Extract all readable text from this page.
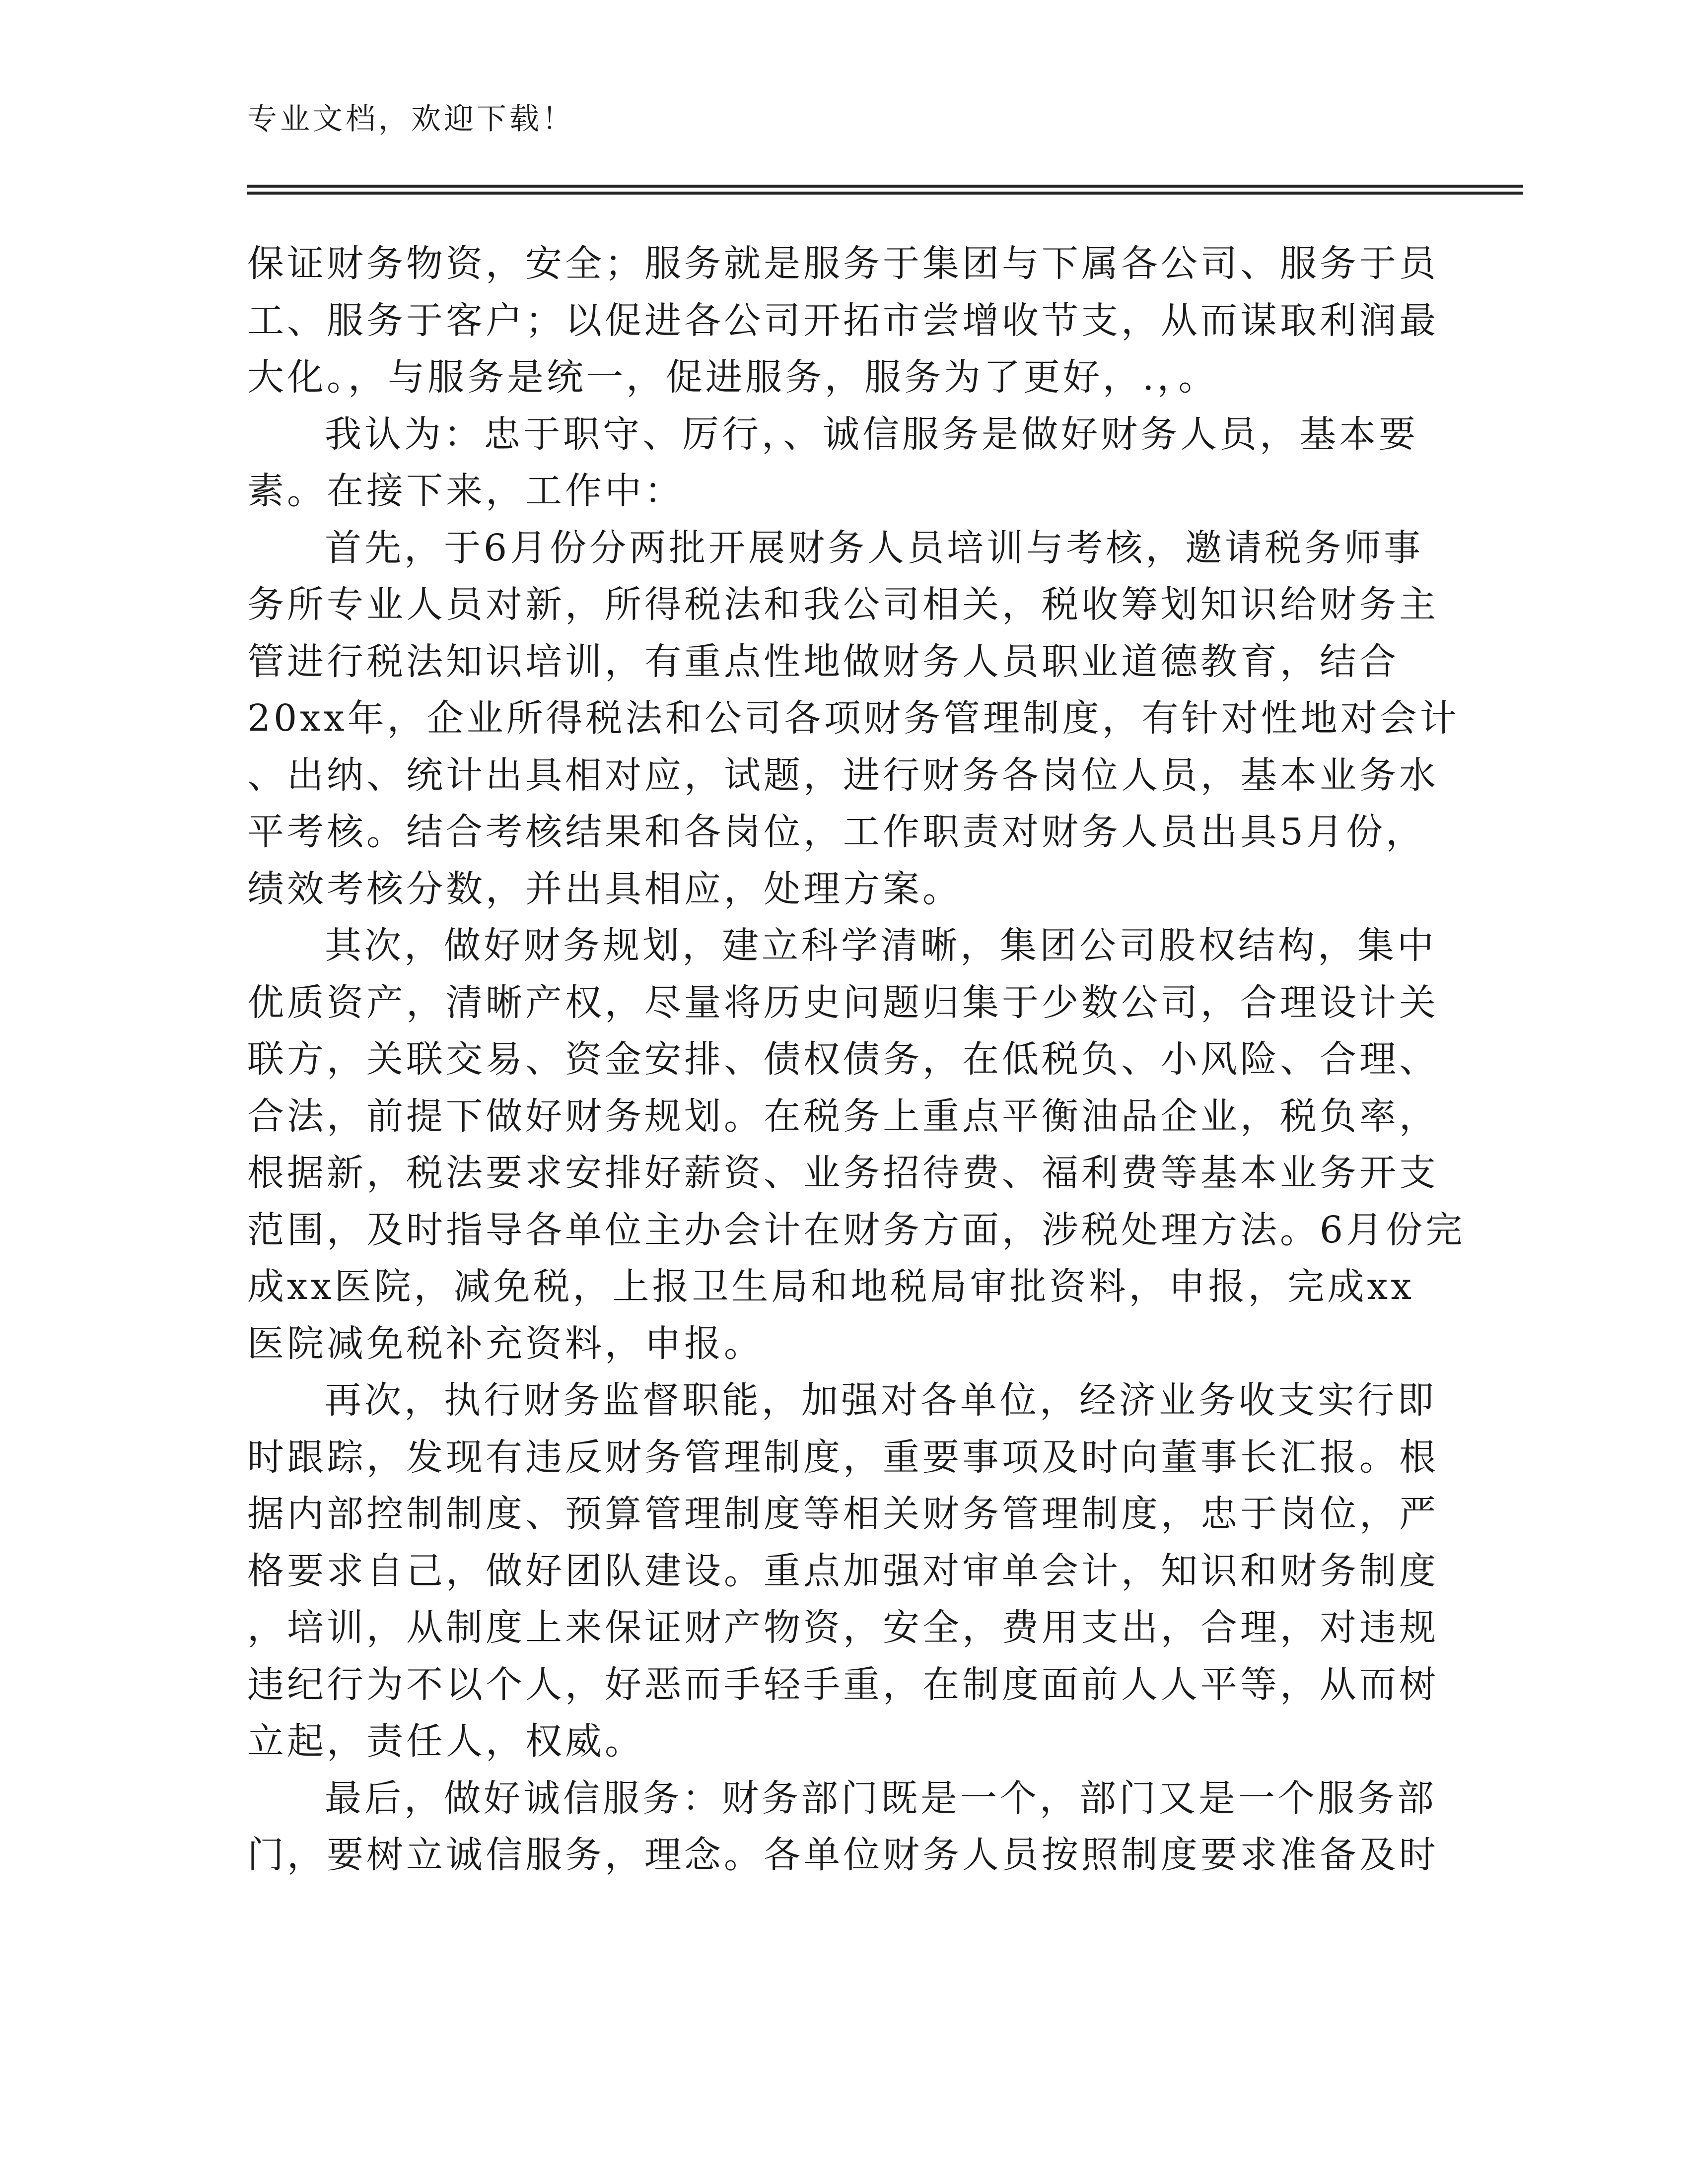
专业文档，欢迎下载！
保证财务物资，安全；服务就是服务于集团与下属各公司、服务于员
工、服务于客户；以促进各公司开拓市尝增收节支，从而谋取利润最
大化。，与服务是统一，促进服务，服务为了更好，.，。
我认为：忠于职守、厉行，、诚信服务是做好财务人员，基本要
素。在接下来，工作中：
首先，于6月份分两批开展财务人员培训与考核，邀请税务师事
务所专业人员对新，所得税法和我公司相关，税收筹划知识给财务主
管进行税法知识培训，有重点性地做财务人员职业道德教育，结合
20xx年，企业所得税法和公司各项财务管理制度，有针对性地对会计
、出纳、统计出具相对应，试题，进行财务各岗位人员，基本业务水
平考核。结合考核结果和各岗位，工作职责对财务人员出具5月份，
绩效考核分数，并出具相应，处理方案。
其次，做好财务规划，建立科学清晰，集团公司股权结构，集中
优质资产，清晰产权，尽量将历史问题归集于少数公司，合理设计关
联方，关联交易、资金安排、债权债务，在低税负、小风险、合理、
合法，前提下做好财务规划。在税务上重点平衡油品企业，税负率，
根据新，税法要求安排好薪资、业务招待费、福利费等基本业务开支
范围，及时指导各单位主办会计在财务方面，涉税处理方法。6月份完
成xx医院，减免税，上报卫生局和地税局审批资料，申报，完成xx
医院减免税补充资料，申报。
再次，执行财务监督职能，加强对各单位，经济业务收支实行即
时跟踪，发现有违反财务管理制度，重要事项及时向董事长汇报。根
据内部控制制度、预算管理制度等相关财务管理制度，忠于岗位，严
格要求自己，做好团队建设。重点加强对审单会计，知识和财务制度
，培训，从制度上来保证财产物资，安全，费用支出，合理，对违规
违纪行为不以个人，好恶而手轻手重，在制度面前人人平等，从而树
立起，责任人，权威。
最后，做好诚信服务：财务部门既是一个，部门又是一个服务部
门，要树立诚信服务，理念。各单位财务人员按照制度要求准备及时
